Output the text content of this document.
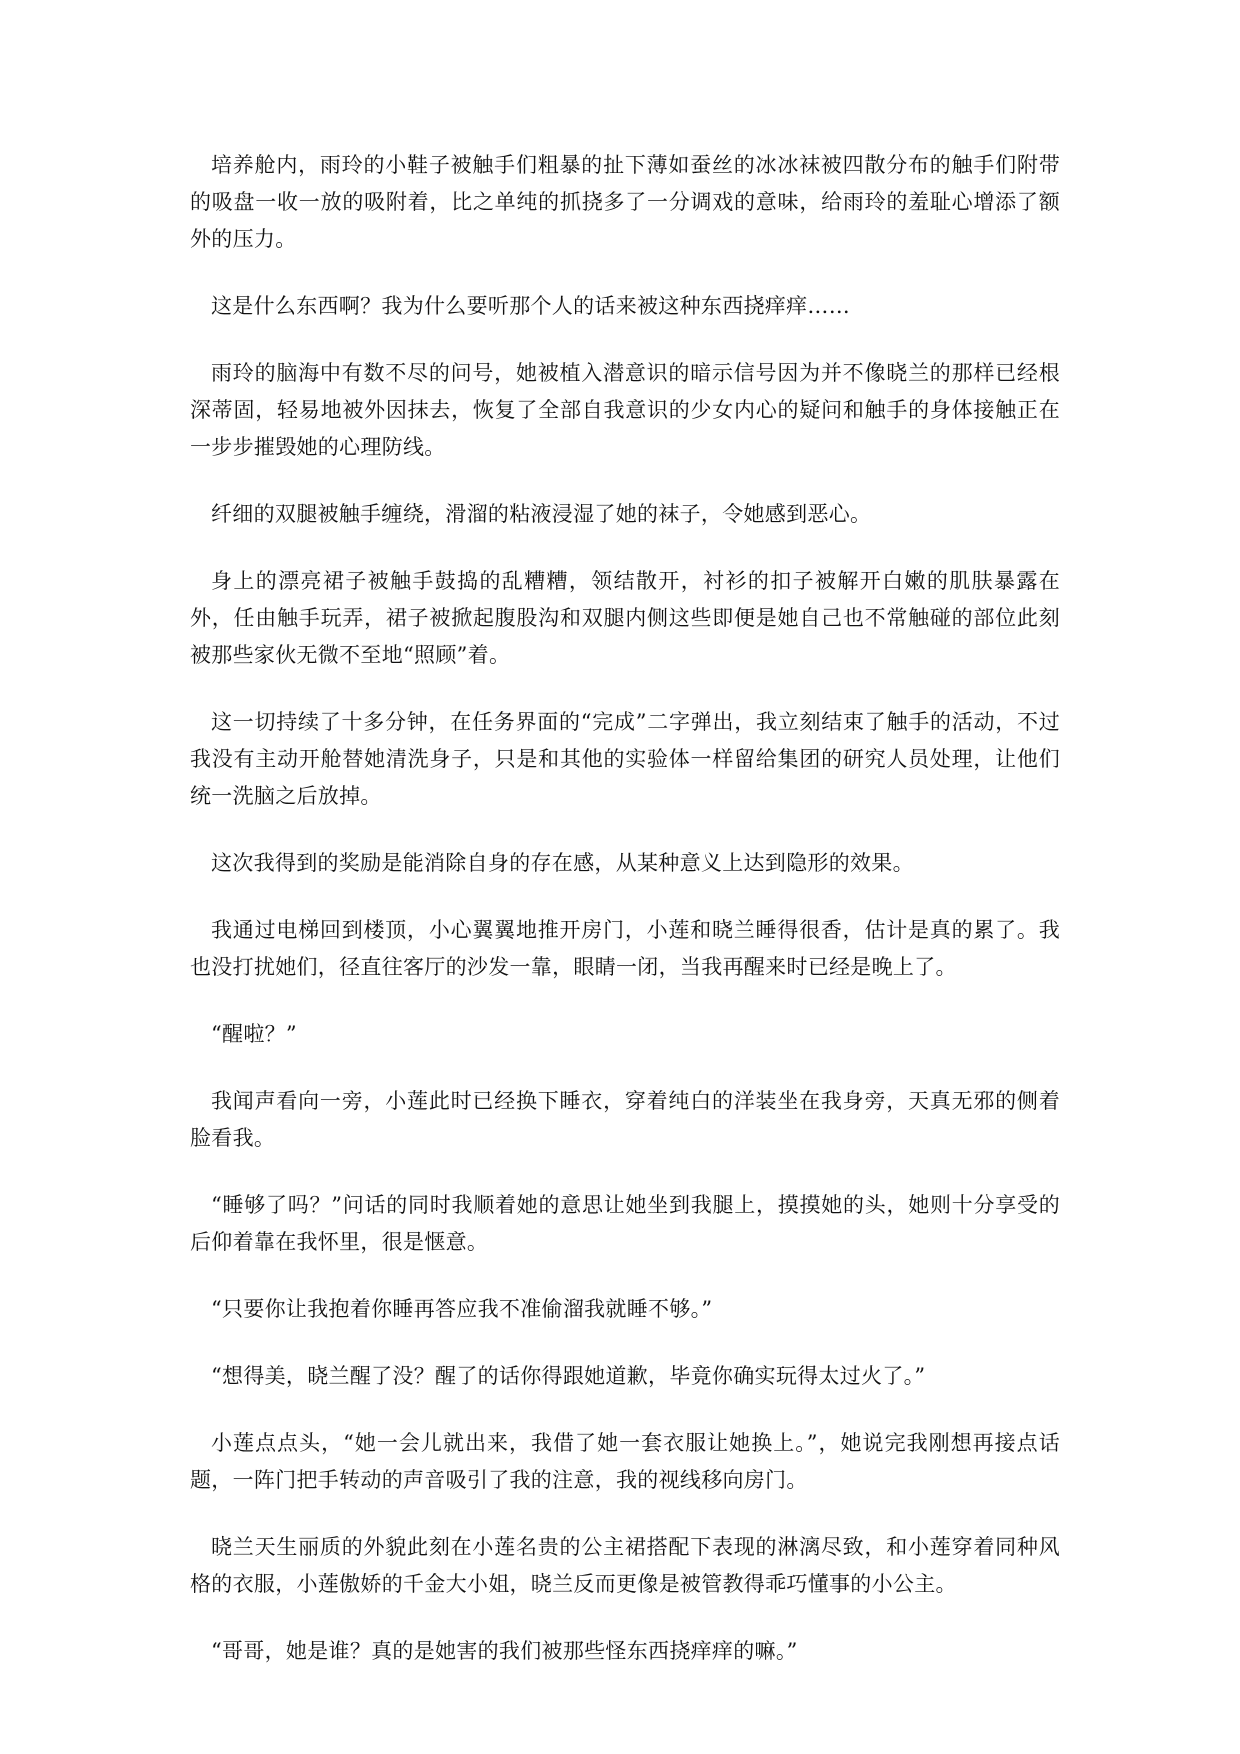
培养舱内，雨玲的小鞋子被触手们粗暴的扯下薄如蚕丝的冰冰袜被四散分布的触手们附带的吸盘一收一放的吸附着，比之单纯的抓挠多了一分调戏的意味，给雨玲的羞耻心增添了额外的压力。

这是什么东西啊？我为什么要听那个人的话来被这种东西挠痒痒……

雨玲的脑海中有数不尽的问号，她被植入潜意识的暗示信号因为并不像晓兰的那样已经根深蒂固，轻易地被外因抹去，恢复了全部自我意识的少女内心的疑问和触手的身体接触正在一步步摧毁她的心理防线。

纤细的双腿被触手缠绕，滑溜的粘液浸湿了她的袜子，令她感到恶心。

身上的漂亮裙子被触手鼓捣的乱糟糟，领结散开，衬衫的扣子被解开白嫩的肌肤暴露在外，任由触手玩弄，裙子被掀起腹股沟和双腿内侧这些即便是她自己也不常触碰的部位此刻被那些家伙无微不至地“照顾”着。

这一切持续了十多分钟，在任务界面的“完成”二字弹出，我立刻结束了触手的活动，不过我没有主动开舱替她清洗身子，只是和其他的实验体一样留给集团的研究人员处理，让他们统一洗脑之后放掉。

这次我得到的奖励是能消除自身的存在感，从某种意义上达到隐形的效果。

我通过电梯回到楼顶，小心翼翼地推开房门，小莲和晓兰睡得很香，估计是真的累了。我也没打扰她们，径直往客厅的沙发一靠，眼睛一闭，当我再醒来时已经是晚上了。

“醒啦？”

我闻声看向一旁，小莲此时已经换下睡衣，穿着纯白的洋装坐在我身旁，天真无邪的侧着脸看我。

“睡够了吗？”问话的同时我顺着她的意思让她坐到我腿上，摸摸她的头，她则十分享受的后仰着靠在我怀里，很是惬意。

“只要你让我抱着你睡再答应我不准偷溜我就睡不够。”

“想得美，晓兰醒了没？醒了的话你得跟她道歉，毕竟你确实玩得太过火了。”

小莲点点头，“她一会儿就出来，我借了她一套衣服让她换上。”，她说完我刚想再接点话题，一阵门把手转动的声音吸引了我的注意，我的视线移向房门。

晓兰天生丽质的外貌此刻在小莲名贵的公主裙搭配下表现的淋漓尽致，和小莲穿着同种风格的衣服，小莲傲娇的千金大小姐，晓兰反而更像是被管教得乖巧懂事的小公主。

“哥哥，她是谁？真的是她害的我们被那些怪东西挠痒痒的嘛。”
